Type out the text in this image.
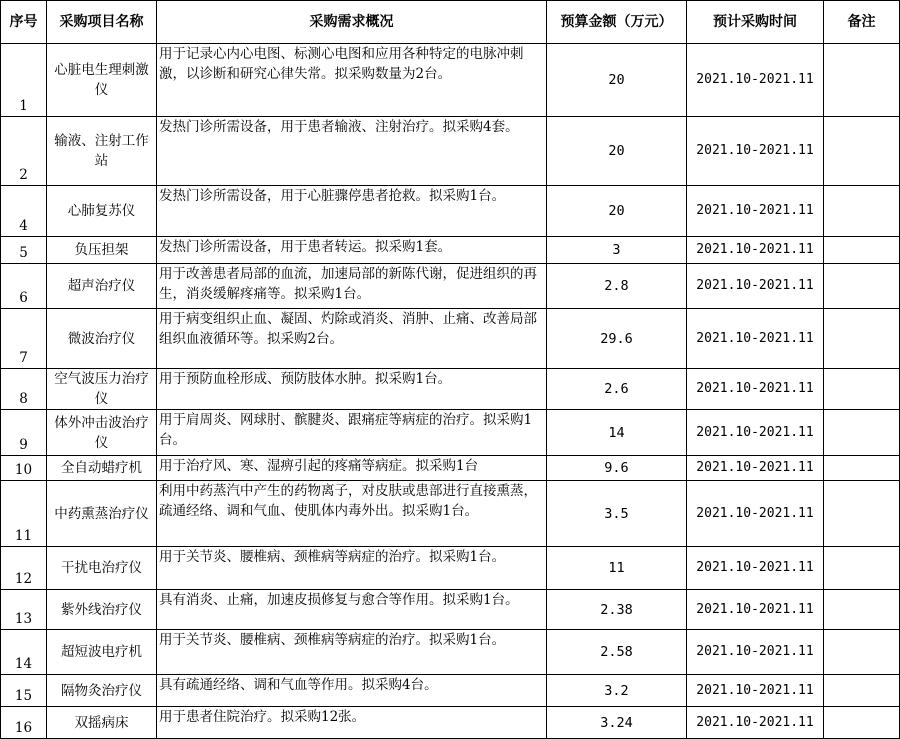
序号	采购项目名称	采购需求概况	预算金额（万元）	预计采购时间	备注
1	心脏电生理刺激仪	用于记录心内心电图、标测心电图和应用各种特定的电脉冲刺激，以诊断和研究心律失常。拟采购数量为2台。	20	2021.10-2021.11	
2	输液、注射工作站	发热门诊所需设备，用于患者输液、注射治疗。拟采购4套。	20	2021.10-2021.11	
4	心肺复苏仪	发热门诊所需设备，用于心脏骤停患者抢救。拟采购1台。	20	2021.10-2021.11	
5	负压担架	发热门诊所需设备，用于患者转运。拟采购1套。	3	2021.10-2021.11	
6	超声治疗仪	用于改善患者局部的血流，加速局部的新陈代谢，促进组织的再生，消炎缓解疼痛等。拟采购1台。	2.8	2021.10-2021.11	
7	微波治疗仪	用于病变组织止血、凝固、灼除或消炎、消肿、止痛、改善局部组织血液循环等。拟采购2台。	29.6	2021.10-2021.11	
8	空气波压力治疗仪	用于预防血栓形成、预防肢体水肿。拟采购1台。	2.6	2021.10-2021.11	
9	体外冲击波治疗仪	用于肩周炎、网球肘、髌腱炎、跟痛症等病症的治疗。拟采购1台。	14	2021.10-2021.11	
10	全自动蜡疗机	用于治疗风、寒、湿痹引起的疼痛等病症。拟采购1台	9.6	2021.10-2021.11	
11	中药熏蒸治疗仪	利用中药蒸汽中产生的药物离子，对皮肤或患部进行直接熏蒸，疏通经络、调和气血、使肌体内毒外出。拟采购1台。	3.5	2021.10-2021.11	
12	干扰电治疗仪	用于关节炎、腰椎病、颈椎病等病症的治疗。拟采购1台。	11	2021.10-2021.11	
13	紫外线治疗仪	具有消炎、止痛，加速皮损修复与愈合等作用。拟采购1台。	2.38	2021.10-2021.11	
14	超短波电疗机	用于关节炎、腰椎病、颈椎病等病症的治疗。拟采购1台。	2.58	2021.10-2021.11	
15	隔物灸治疗仪	具有疏通经络、调和气血等作用。拟采购4台。	3.2	2021.10-2021.11	
16	双摇病床	用于患者住院治疗。拟采购12张。	3.24	2021.10-2021.11	
